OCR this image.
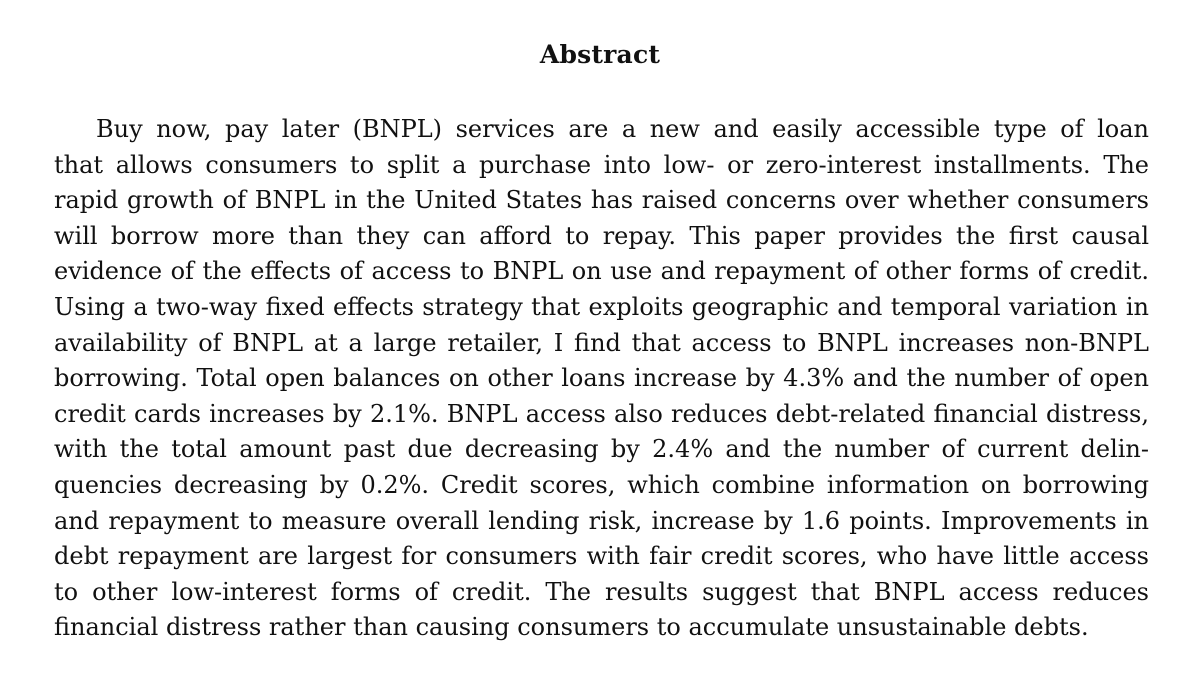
Abstract
Buy now, pay later (BNPL) services are a new and easily accessible type of loan
that allows consumers to split a purchase into low- or zero-interest installments. The
rapid growth of BNPL in the United States has raised concerns over whether consumers
will borrow more than they can afford to repay. This paper provides the first causal
evidence of the effects of access to BNPL on use and repayment of other forms of credit.
Using a two-way fixed effects strategy that exploits geographic and temporal variation in
availability of BNPL at a large retailer, I find that access to BNPL increases non-BNPL
borrowing. Total open balances on other loans increase by 4.3% and the number of open
credit cards increases by 2.1%. BNPL access also reduces debt-related financial distress,
with the total amount past due decreasing by 2.4% and the number of current delin-
quencies decreasing by 0.2%. Credit scores, which combine information on borrowing
and repayment to measure overall lending risk, increase by 1.6 points. Improvements in
debt repayment are largest for consumers with fair credit scores, who have little access
to other low-interest forms of credit. The results suggest that BNPL access reduces
financial distress rather than causing consumers to accumulate unsustainable debts.
